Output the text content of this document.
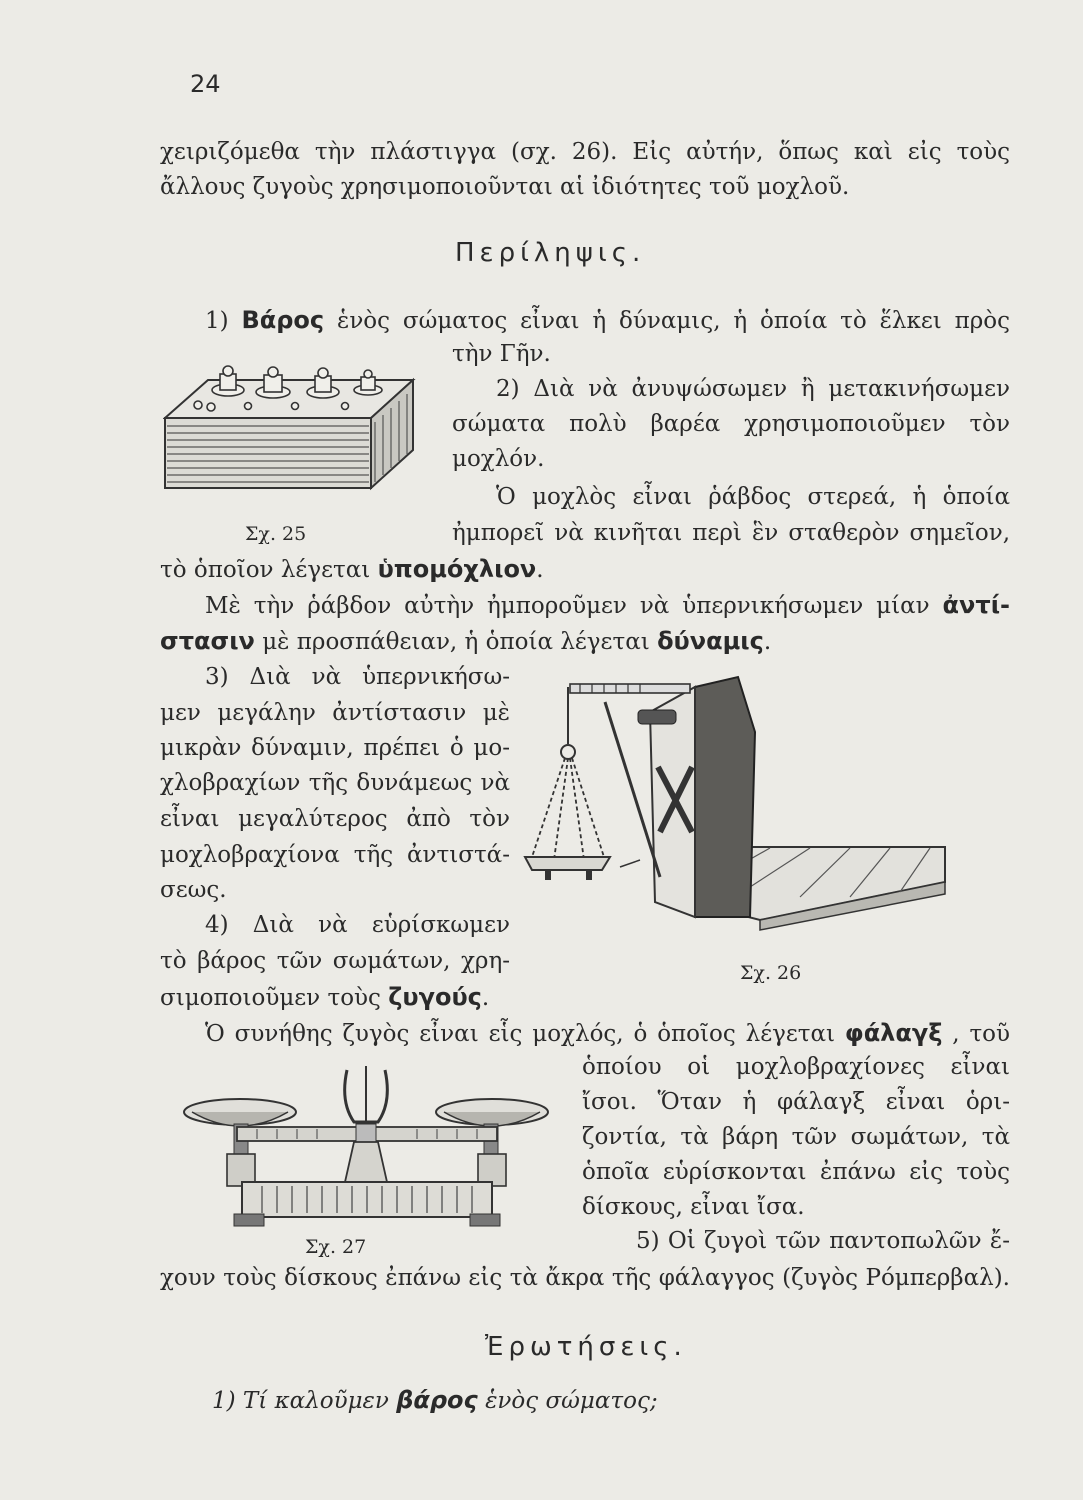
24
χειριζόμεθα τὴν πλάστιγγα (σχ. 26). Εἰς αὐτήν, ὅπως καὶ εἰς τοὺς
ἄλλους ζυγοὺς χρησιμοποιοῦνται αἱ ἰδιότητες τοῦ μοχλοῦ.
Περίληψις.
1) Βάρος ἑνὸς σώματος εἶναι ἡ δύναμις, ἡ ὁποία τὸ ἕλκει πρὸς
τὴν Γῆν.
Σχ. 25
2) Διὰ νὰ ἀνυψώσωμεν ἢ μετακινήσωμεν
σώματα πολὺ βαρέα χρησιμοποιοῦμεν τὸν
μοχλόν.
Ὁ μοχλὸς εἶναι ῥάβδος στερεά, ἡ ὁποία
ἠμπορεῖ νὰ κινῆται περὶ ἓν σταθερὸν σημεῖον,
τὸ ὁποῖον λέγεται ὑπομόχλιον.
Μὲ τὴν ῥάβδον αὐτὴν ἠμποροῦμεν νὰ ὑπερνικήσωμεν μίαν ἀντί-
στασιν μὲ προσπάθειαν, ἡ ὁποία λέγεται δύναμις.
3) Διὰ νὰ ὑπερνικήσω-
μεν μεγάλην ἀντίστασιν μὲ
μικρὰν δύναμιν, πρέπει ὁ μο-
χλοβραχίων τῆς δυνάμεως νὰ
εἶναι μεγαλύτερος ἀπὸ τὸν
μοχλοβραχίονα τῆς ἀντιστά-
σεως.
4) Διὰ νὰ εὑρίσκωμεν
τὸ βάρος τῶν σωμάτων, χρη-
σιμοποιοῦμεν τοὺς ζυγούς.
Σχ. 26
Ὁ συνήθης ζυγὸς εἶναι εἷς μοχλός, ὁ ὁποῖος λέγεται φάλαγξ , τοῦ
ὁποίου οἱ μοχλοβραχίονες εἶναι
ἴσοι. Ὅταν ἡ φάλαγξ εἶναι ὁρι-
ζοντία, τὰ βάρη τῶν σωμάτων, τὰ
ὁποῖα εὑρίσκονται ἐπάνω εἰς τοὺς
δίσκους, εἶναι ἴσα.
Σχ. 27	5) Οἱ ζυγοὶ τῶν παντοπωλῶν ἔ-
χουν τοὺς δίσκους ἐπάνω εἰς τὰ ἄκρα τῆς φάλαγγος (ζυγὸς Ρόμπερβαλ).
Ἐρωτήσεις.
1) Τί καλοῦμεν βάρος ἑνὸς σώματος;
